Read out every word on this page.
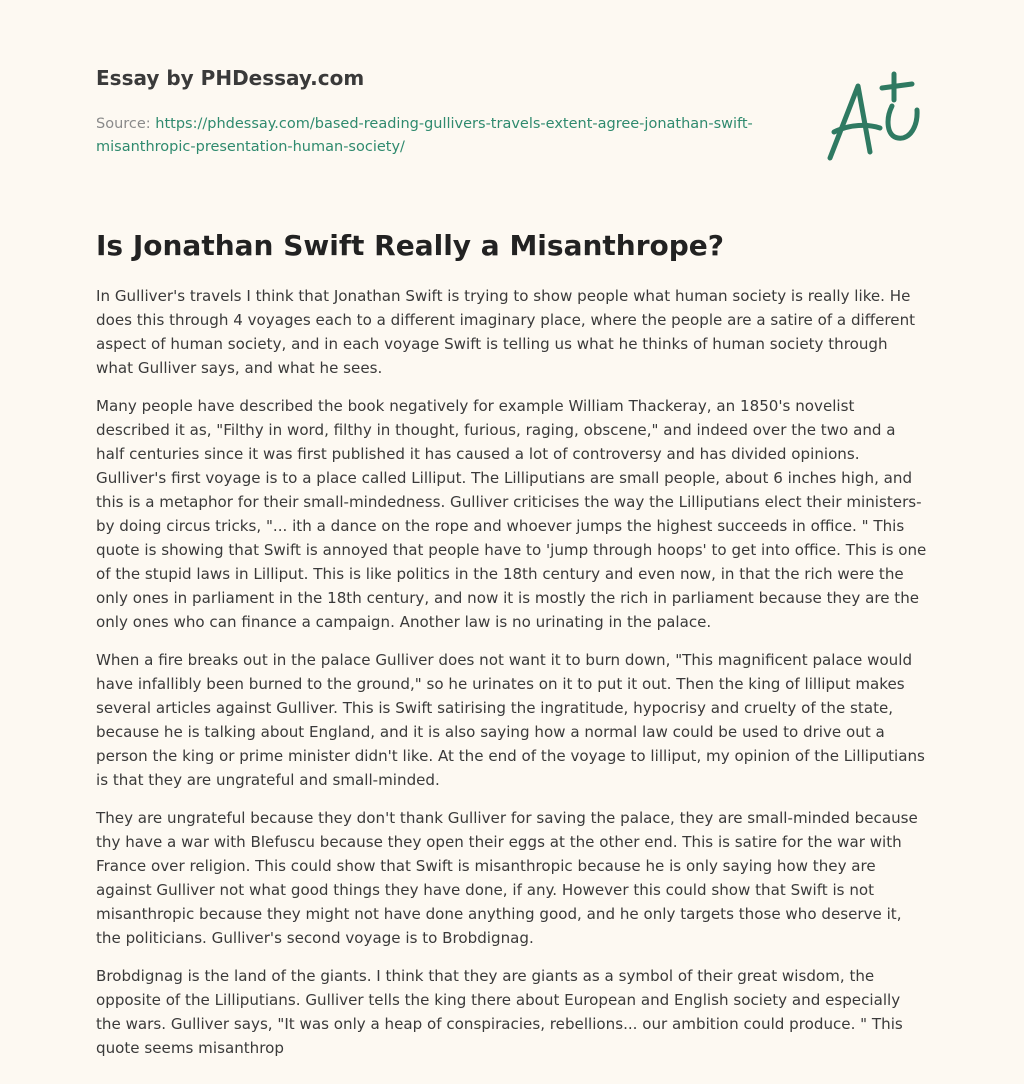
Essay by PHDessay.com

Source: https://phdessay.com/based-reading-gullivers-travels-extent-agree-jonathan-swift-misanthropic-presentation-human-society/
Is Jonathan Swift Really a Misanthrope?

In Gulliver's travels I think that Jonathan Swift is trying to show people what human society is really like. He does this through 4 voyages each to a different imaginary place, where the people are a satire of a different aspect of human society, and in each voyage Swift is telling us what he thinks of human society through what Gulliver says, and what he sees.

Many people have described the book negatively for example William Thackeray, an 1850's novelist described it as, "Filthy in word, filthy in thought, furious, raging, obscene," and indeed over the two and a half centuries since it was first published it has caused a lot of controversy and has divided opinions. Gulliver's first voyage is to a place called Lilliput. The Lilliputians are small people, about 6 inches high, and this is a metaphor for their small-mindedness. Gulliver criticises the way the Lilliputians elect their ministers- by doing circus tricks, "... ith a dance on the rope and whoever jumps the highest succeeds in office. " This quote is showing that Swift is annoyed that people have to 'jump through hoops' to get into office. This is one of the stupid laws in Lilliput. This is like politics in the 18th century and even now, in that the rich were the only ones in parliament in the 18th century, and now it is mostly the rich in parliament because they are the only ones who can finance a campaign. Another law is no urinating in the palace.

When a fire breaks out in the palace Gulliver does not want it to burn down, "This magnificent palace would have infallibly been burned to the ground," so he urinates on it to put it out. Then the king of lilliput makes several articles against Gulliver. This is Swift satirising the ingratitude, hypocrisy and cruelty of the state, because he is talking about England, and it is also saying how a normal law could be used to drive out a person the king or prime minister didn't like. At the end of the voyage to lilliput, my opinion of the Lilliputians is that they are ungrateful and small-minded.

They are ungrateful because they don't thank Gulliver for saving the palace, they are small-minded because thy have a war with Blefuscu because they open their eggs at the other end. This is satire for the war with France over religion. This could show that Swift is misanthropic because he is only saying how they are against Gulliver not what good things they have done, if any. However this could show that Swift is not misanthropic because they might not have done anything good, and he only targets those who deserve it, the politicians. Gulliver's second voyage is to Brobdignag.

Brobdignag is the land of the giants. I think that they are giants as a symbol of their great wisdom, the opposite of the Lilliputians. Gulliver tells the king there about European and English society and especially the wars. Gulliver says, "It was only a heap of conspiracies, rebellions... our ambition could produce. " This quote seems misanthrop
